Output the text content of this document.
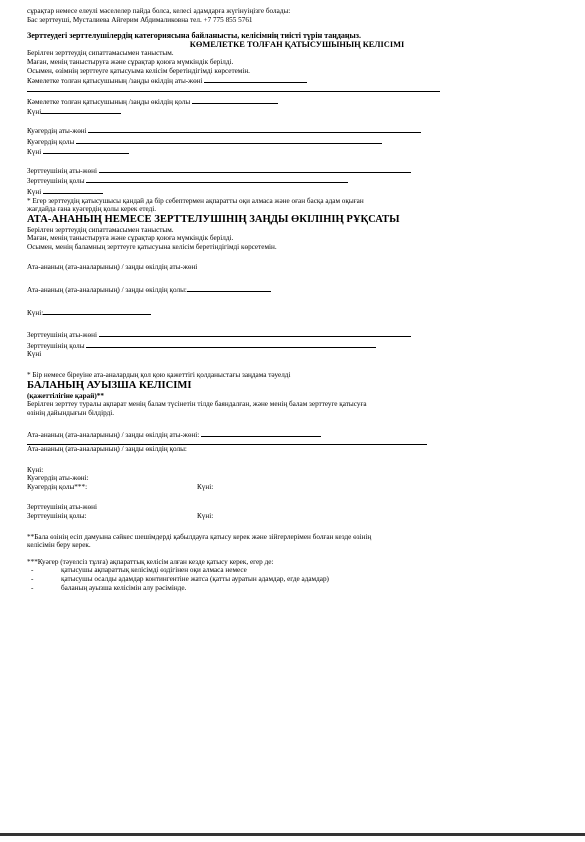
сұрақтар немесе елеулі мәселелер пайда болса, келесі адамдарға жүгінуіңізге болады:
Бас зерттеуші, Мусталиева Айгерим Абдималиковна тел. +7 775 855 5761
Зерттеудегі зерттелушілердің категориясына байланысты, келісімнің тиісті түрін таңдаңыз.
КӨМЕЛЕТКЕ ТОЛҒАН ҚАТЫСУШЫНЫҢ КЕЛІСІМІ
Берілген зерттеудің сипаттамасымен таныстым.
Маған, менің таныстыруға және сұрақтар қоюға мүмкіндік берілді.
Осымен, өзімнің зерттеуге қатысуыма келісім беретіндігімді көрсетемін.
Кәмелетке толған қатысушының /заңды өкілдің аты-жөні
Кәмелетке толған қатысушының /заңды өкілдің қолы
Күні
Куәгердің аты-жөні
Куәгердің қолы
Күні
Зерттеушінің аты-жөні
Зерттеушінің қолы
Күні
* Егер зерттеудің қатысушысы қандай да бір себептермен ақпаратты оқи алмаса және оған басқа адам оқыған
жағдайда ғана куәгердің қолы керек етеді.
АТА-АНАНЫҢ НЕМЕСЕ ЗЕРТТЕЛУШІНІҢ ЗАҢДЫ ӨКІЛІНІҢ РҰҚСАТЫ
Берілген зерттеудің сипаттамасымен таныстым.
Маған, менің таныстыруға және сұрақтар қоюға мүмкіндік берілді.
Осымен, менің баламның зерттеуге қатысуына келісім беретіндігімді көрсетемін.
Ата-ананың (ата-аналарының) / заңды өкілдің аты-жөні
Ата-ананың (ата-аналарының) / заңды өкілдің қолы:
Күні:
Зерттеушінің аты-жөні
Зерттеушінің қолы
Күні
* Бір немесе біреуіне ата-аналардың қол қою қажеттігі қолданыстағы заңдама тәуелді
БАЛАНЫҢ АУЫЗША КЕЛІСІМІ
(қажеттілігіне қарай)**
Берілген зерттеу туралы ақпарат менің балам түсінетін тілде баяндалған, және менің балам зерттеуге қатысуға
өзінің дайындығын білдірді.
Ата-ананың (ата-аналарының) / заңды өкілдің аты-жөні:
Ата-ананың (ата-аналарының) / заңды өкілдің қолы:
Күні:
Куәгердің аты-жөні:
Куәгердің қолы***:	Күні:
Зерттеушінің аты-жөні
Зерттеушінің қолы:	Күні:
**Бала өзінің есіп дамуына сәйкес шешімдерді қабылдауға қатысу керек және зійгерлерімен болған кезде өзінің
келісімін беру керек.
***Куәгер (тәуелсіз тұлға) ақпараттық келісім алған кезде қатысу керек, егер де:
- қатысушы ақпараттық келісімді өздігінен оқи алмаса немесе
- қатысушы осалды адамдар контингентіне жатса (қатты ауратын адамдар, егде адамдар)
- баланың ауызша келісімін алу рәсімінде.
